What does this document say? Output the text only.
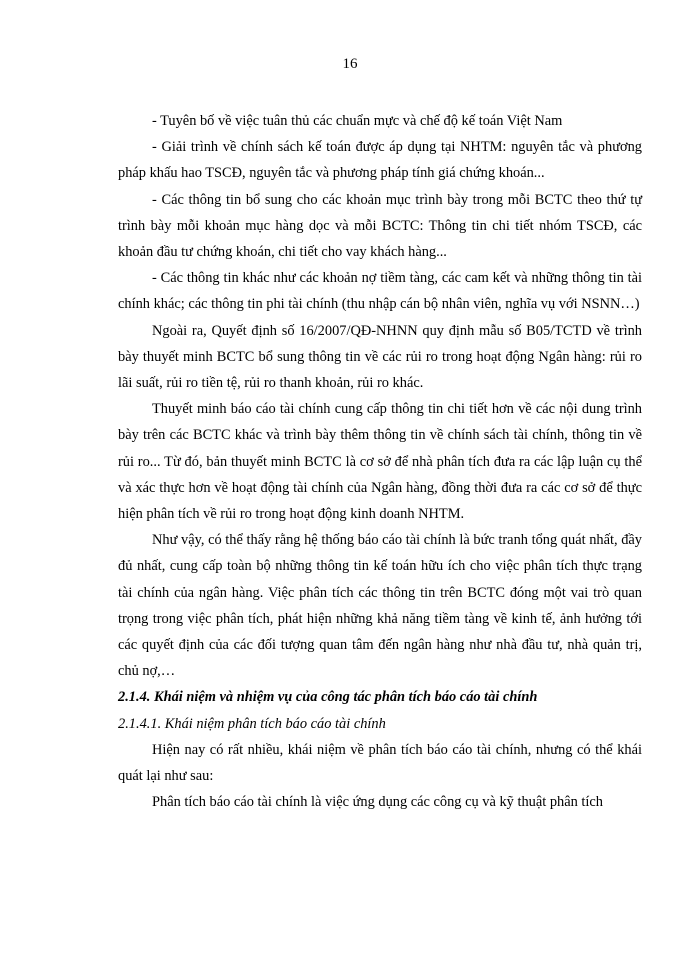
16

- Tuyên bố về việc tuân thủ các chuẩn mực và chế độ kế toán Việt Nam

- Giải trình về chính sách kế toán được áp dụng tại NHTM: nguyên tắc và phương pháp khấu hao TSCĐ, nguyên tắc và phương pháp tính giá chứng khoán...

- Các thông tin bổ sung cho các khoản mục trình bày trong mỗi BCTC theo thứ tự trình bày mỗi khoản mục hàng dọc và mỗi BCTC: Thông tin chi tiết nhóm TSCĐ, các khoản đầu tư chứng khoán, chi tiết cho vay khách hàng...

- Các thông tin khác như các khoản nợ tiềm tàng, các cam kết và những thông tin tài chính khác; các thông tin phi tài chính (thu nhập cán bộ nhân viên, nghĩa vụ với NSNN…)

Ngoài ra, Quyết định số 16/2007/QĐ-NHNN quy định mẫu số B05/TCTD về trình bày thuyết minh BCTC bổ sung thông tin về các rủi ro trong hoạt động Ngân hàng: rủi ro lãi suất, rủi ro tiền tệ, rủi ro thanh khoản, rủi ro khác.

Thuyết minh báo cáo tài chính cung cấp thông tin chi tiết hơn về các nội dung trình bày trên các BCTC khác và trình bày thêm thông tin về chính sách tài chính, thông tin về rủi ro... Từ đó, bản thuyết minh BCTC là cơ sở để nhà phân tích đưa ra các lập luận cụ thể và xác thực hơn về hoạt động tài chính của Ngân hàng, đồng thời đưa ra các cơ sở để thực hiện phân tích về rủi ro trong hoạt động kinh doanh NHTM.

Như vậy, có thể thấy rằng hệ thống báo cáo tài chính là bức tranh tổng quát nhất, đầy đủ nhất, cung cấp toàn bộ những thông tin kế toán hữu ích cho việc phân tích thực trạng tài chính của ngân hàng. Việc phân tích các thông tin trên BCTC đóng một vai trò quan trọng trong việc phân tích, phát hiện những khả năng tiềm tàng về kinh tế, ảnh hưởng tới các quyết định của các đối tượng quan tâm đến ngân hàng như nhà đầu tư, nhà quản trị, chủ nợ,…

2.1.4. Khái niệm và nhiệm vụ của công tác phân tích báo cáo tài chính
2.1.4.1. Khái niệm phân tích báo cáo tài chính

Hiện nay có rất nhiều, khái niệm về phân tích báo cáo tài chính, nhưng có thể khái quát lại như sau:

Phân tích báo cáo tài chính là việc ứng dụng các công cụ và kỹ thuật phân tích
